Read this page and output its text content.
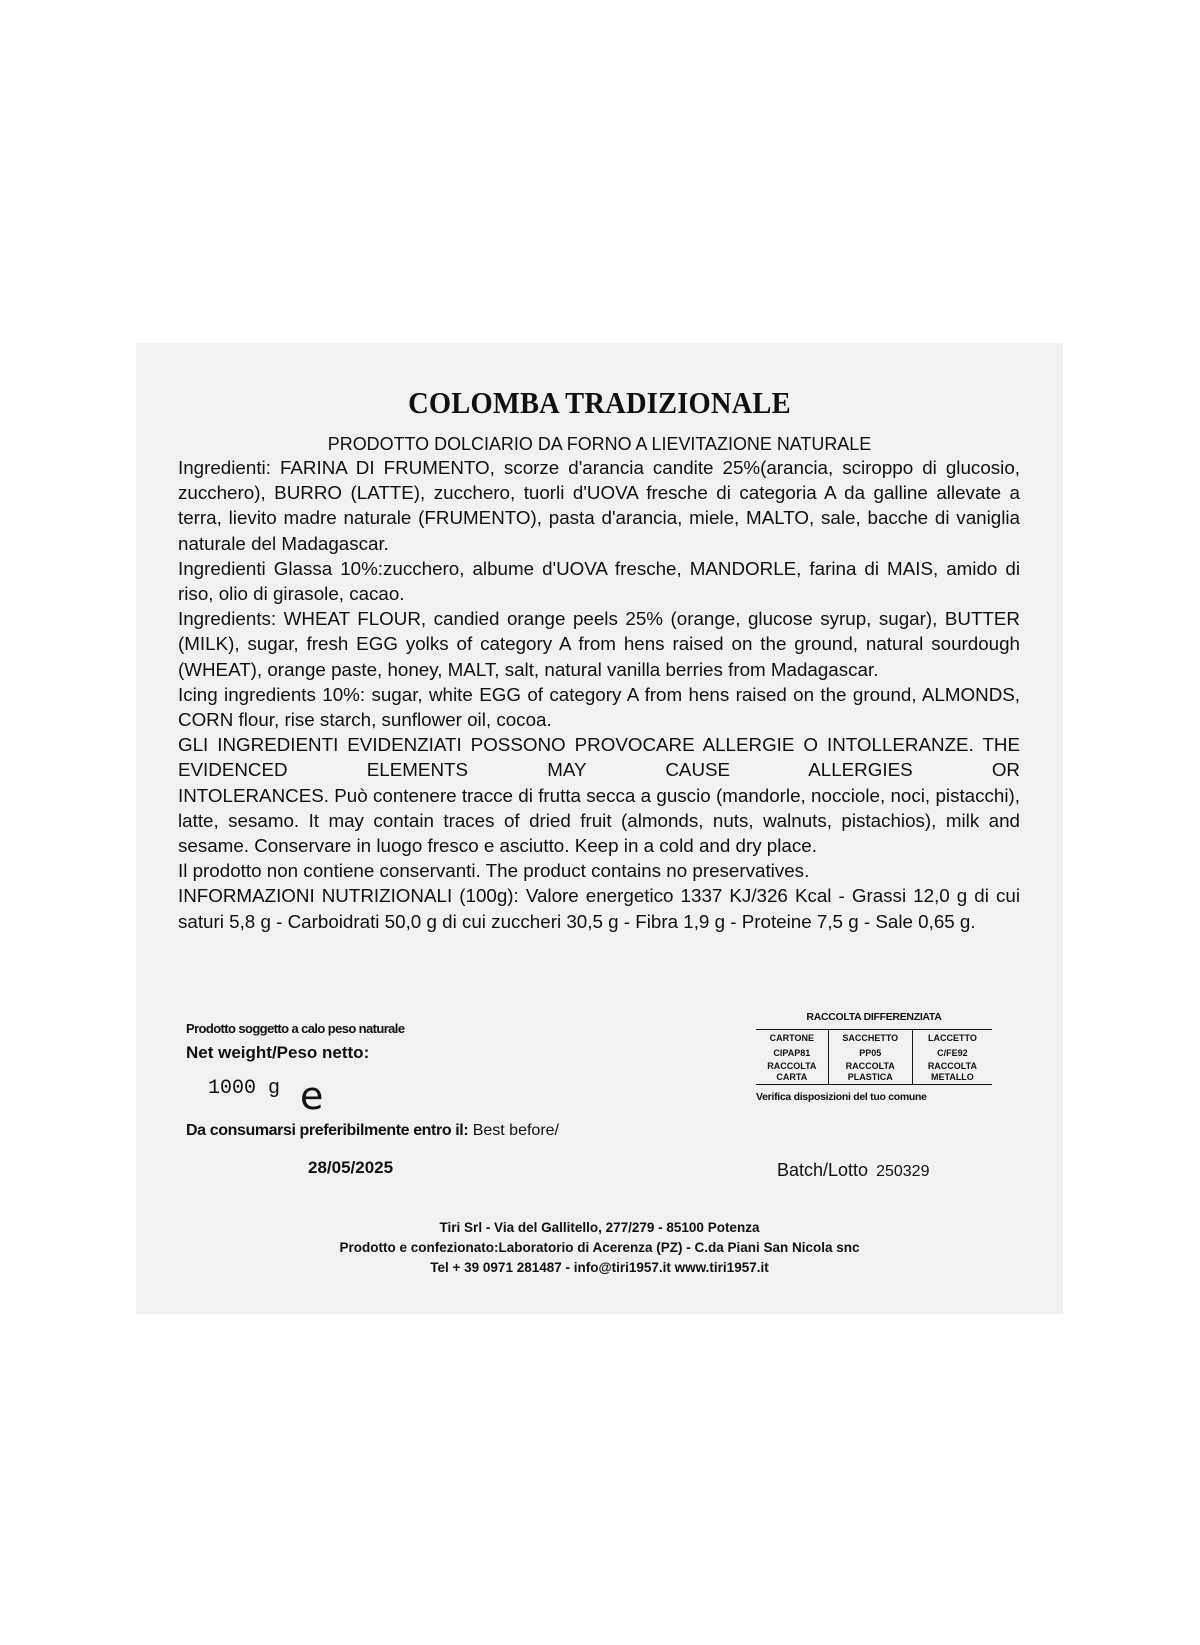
COLOMBA TRADIZIONALE
PRODOTTO DOLCIARIO DA FORNO A LIEVITAZIONE NATURALE

Ingredienti: FARINA DI FRUMENTO, scorze d'arancia candite 25%(arancia, sciroppo di glucosio, zucchero), BURRO (LATTE), zucchero, tuorli d'UOVA fresche di categoria A da galline allevate a terra, lievito madre naturale (FRUMENTO), pasta d'arancia, miele, MALTO, sale, bacche di vaniglia naturale del Madagascar.

Ingredienti Glassa 10%:zucchero, albume d'UOVA fresche, MANDORLE, farina di MAIS, amido di riso, olio di girasole, cacao.

Ingredients: WHEAT FLOUR, candied orange peels 25% (orange, glucose syrup, sugar), BUTTER (MILK), sugar, fresh EGG yolks of category A from hens raised on the ground, natural sourdough (WHEAT), orange paste, honey, MALT, salt, natural vanilla berries from Madagascar.

Icing ingredients 10%: sugar, white EGG of category A from hens raised on the ground, ALMONDS, CORN flour, rise starch, sunflower oil, cocoa.

GLI INGREDIENTI EVIDENZIATI POSSONO PROVOCARE ALLERGIE O INTOLLERANZE. THE EVIDENCED ELEMENTS MAY CAUSE ALLERGIES OR

INTOLERANCES. Può contenere tracce di frutta secca a guscio (mandorle, nocciole, noci, pistacchi), latte, sesamo. It may contain traces of dried fruit (almonds, nuts, walnuts, pistachios), milk and sesame. Conservare in luogo fresco e asciutto. Keep in a cold and dry place.

Il prodotto non contiene conservanti. The product contains no preservatives.

INFORMAZIONI NUTRIZIONALI (100g): Valore energetico 1337 KJ/326 Kcal - Grassi 12,0 g di cui saturi 5,8 g - Carboidrati 50,0 g di cui zuccheri 30,5 g - Fibra 1,9 g - Proteine 7,5 g - Sale 0,65 g.

Prodotto soggetto a calo peso naturale
Net weight/Peso netto:
1000 g e
Da consumarsi preferibilmente entro il: Best before/
28/05/2025	Batch/Lotto 250329
RACCOLTA DIFFERENZIATA
CARTONE	SACCHETTO	LACCETTO
CIPAP81	PP05	C/FE92
RACCOLTA CARTA	RACCOLTA PLASTICA	RACCOLTA METALLO
Verifica disposizioni del tuo comune
Tiri Srl - Via del Gallitello, 277/279 - 85100 Potenza
Prodotto e confezionato:Laboratorio di Acerenza (PZ) - C.da Piani San Nicola snc
Tel + 39 0971 281487 - info@tiri1957.it www.tiri1957.it
